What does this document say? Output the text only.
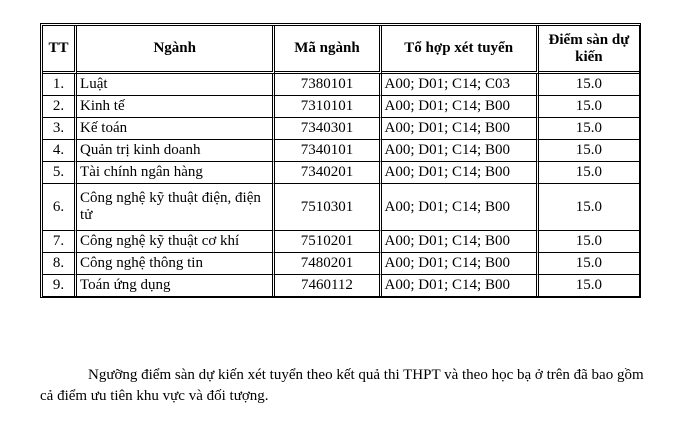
TT	Ngành	Mã ngành	Tổ hợp xét tuyển	Điểm sàn dự kiến
1.	Luật	7380101	A00; D01; C14; C03	15.0
2.	Kinh tế	7310101	A00; D01; C14; B00	15.0
3.	Kế toán	7340301	A00; D01; C14; B00	15.0
4.	Quản trị kinh doanh	7340101	A00; D01; C14; B00	15.0
5.	Tài chính ngân hàng	7340201	A00; D01; C14; B00	15.0
6.	Công nghệ kỹ thuật điện, điện tử	7510301	A00; D01; C14; B00	15.0
7.	Công nghệ kỹ thuật cơ khí	7510201	A00; D01; C14; B00	15.0
8.	Công nghệ thông tin	7480201	A00; D01; C14; B00	15.0
9.	Toán ứng dụng	7460112	A00; D01; C14; B00	15.0

Ngưỡng điểm sàn dự kiến xét tuyển theo kết quả thi THPT và theo học bạ ở trên đã bao gồm cả điểm ưu tiên khu vực và đối tượng.
